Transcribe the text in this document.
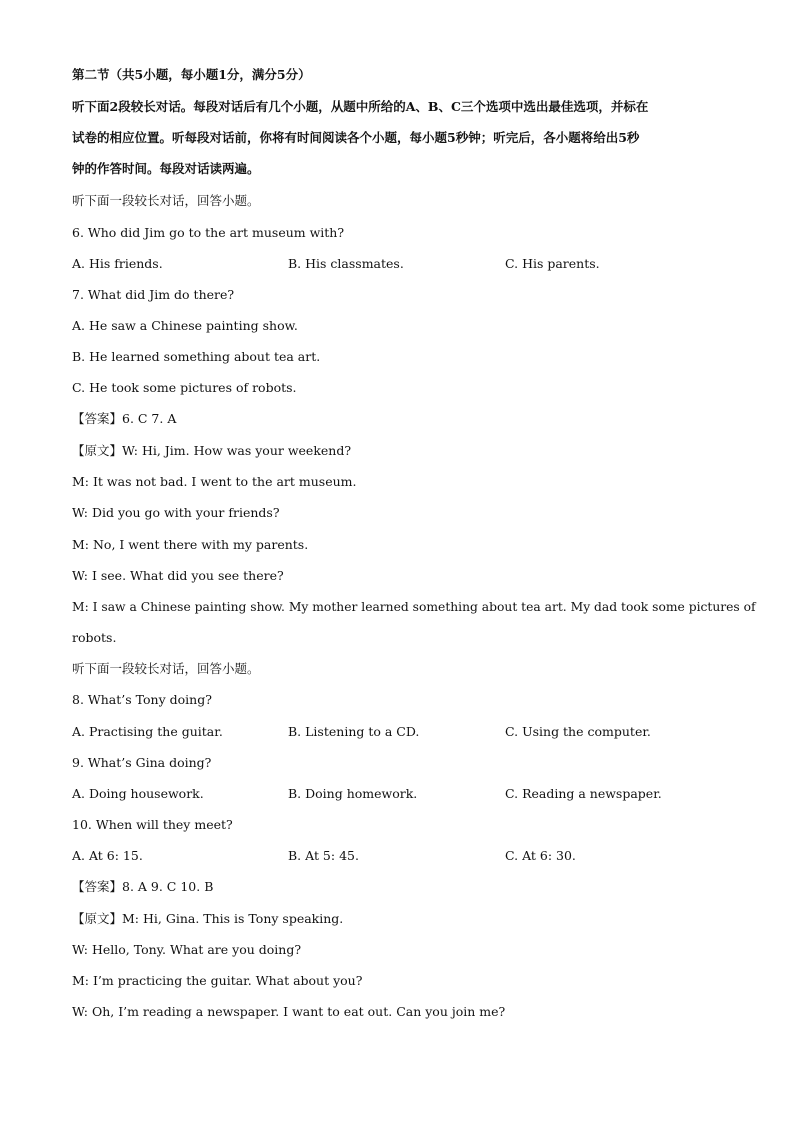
第二节（共5小题，每小题1分，满分5分）
听下面2段较长对话。每段对话后有几个小题，从题中所给的A、B、C三个选项中选出最佳选项，并标在
试卷的相应位置。听每段对话前，你将有时间阅读各个小题，每小题5秒钟；听完后，各小题将给出5秒
钟的作答时间。每段对话读两遍。
听下面一段较长对话，回答小题。
6. Who did Jim go to the art museum with?
A. His friends.	B. His classmates.	C. His parents.
7. What did Jim do there?
A. He saw a Chinese painting show.
B. He learned something about tea art.
C. He took some pictures of robots.
【答案】6. C 7. A
【原文】W: Hi, Jim. How was your weekend?
M: It was not bad. I went to the art museum.
W: Did you go with your friends?
M: No, I went there with my parents.
W: I see. What did you see there?
M: I saw a Chinese painting show. My mother learned something about tea art. My dad took some pictures of
robots.
听下面一段较长对话，回答小题。
8. What’s Tony doing?
A. Practising the guitar.	B. Listening to a CD.	C. Using the computer.
9. What’s Gina doing?
A. Doing housework.	B. Doing homework.	C. Reading a newspaper.
10. When will they meet?
A. At 6: 15.	B. At 5: 45.	C. At 6: 30.
【答案】8. A 9. C 10. B
【原文】M: Hi, Gina. This is Tony speaking.
W: Hello, Tony. What are you doing?
M: I’m practicing the guitar. What about you?
W: Oh, I’m reading a newspaper. I want to eat out. Can you join me?
